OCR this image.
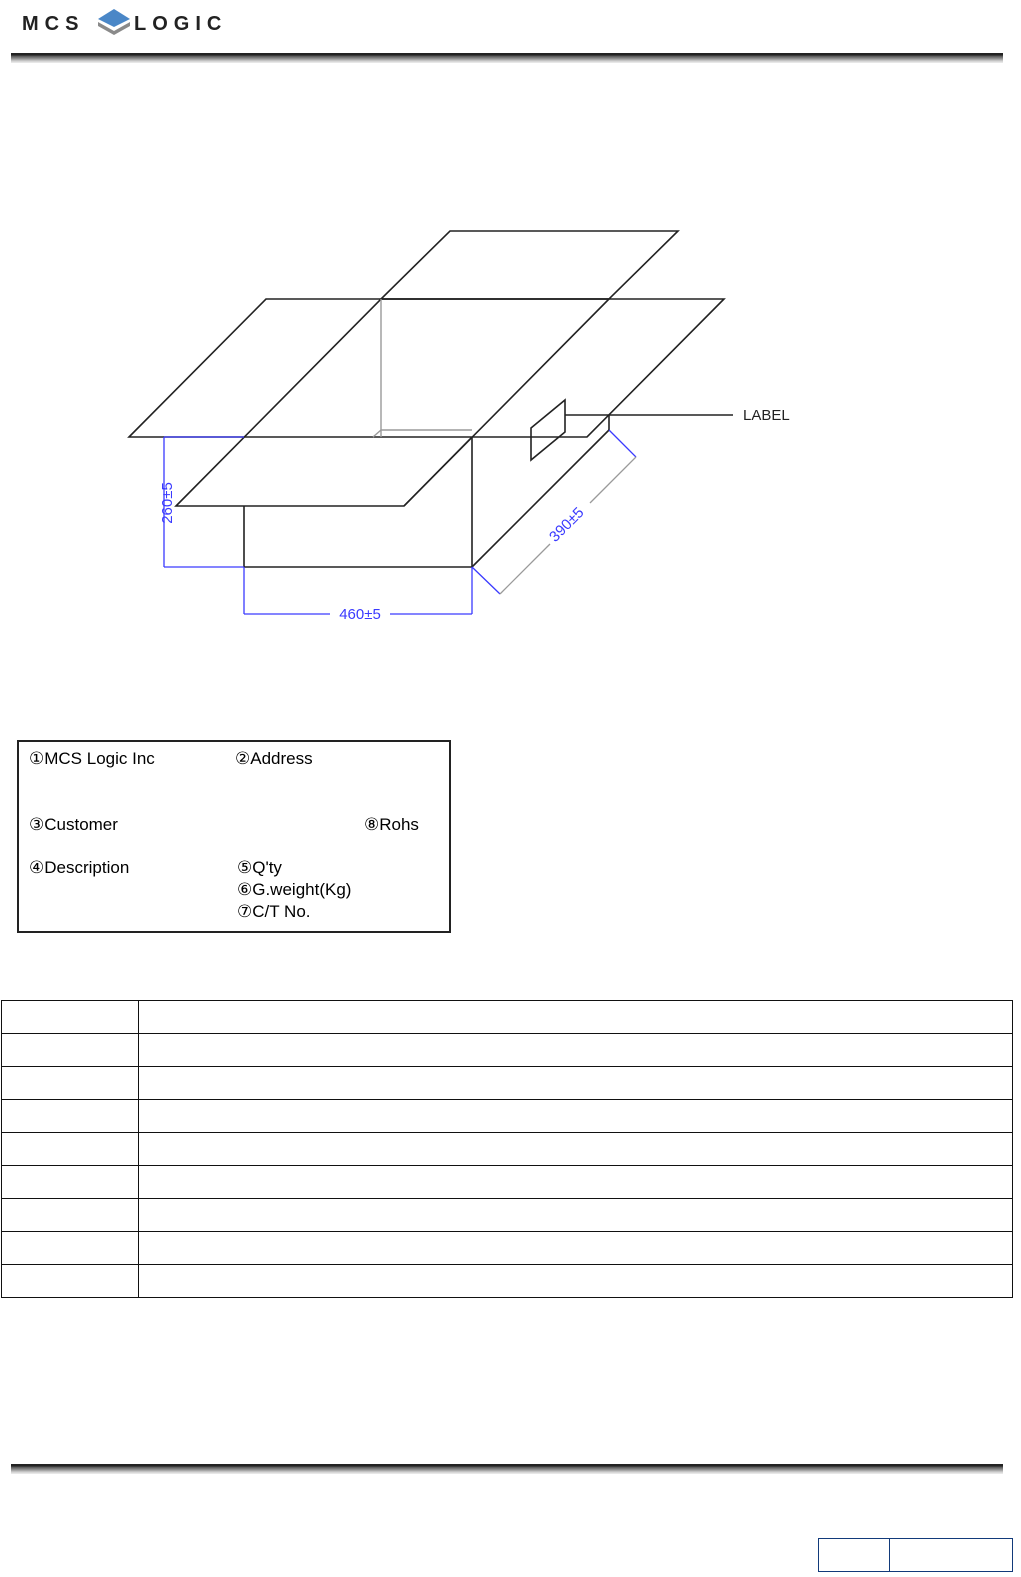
MCS LOGIC
LABEL
260±5
460±5
390±5
①MCS Logic Inc	②Address
③Customer
④Description	⑤Q'ty
⑥G.weight(Kg)
⑦C/T No.
⑧Rohs
